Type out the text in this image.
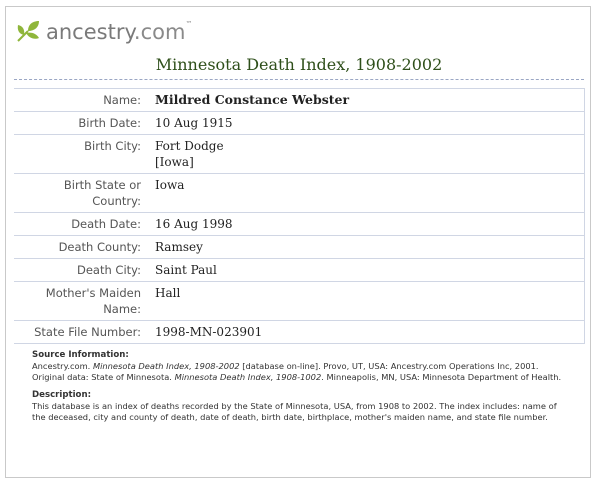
ancestry.com™
Minnesota Death Index, 1908-2002
Name:	Mildred Constance Webster
Birth Date:	10 Aug 1915
Birth City:	Fort Dodge
[Iowa]
Birth State or
Country:	Iowa
Death Date:	16 Aug 1998
Death County:	Ramsey
Death City:	Saint Paul
Mother's Maiden
Name:	Hall
State File Number:	1998-MN-023901
Source Information:
Ancestry.com. Minnesota Death Index, 1908-2002 [database on-line]. Provo, UT, USA: Ancestry.com Operations Inc, 2001. Original data: State of Minnesota. Minnesota Death Index, 1908-1002. Minneapolis, MN, USA: Minnesota Department of Health.
Description:
This database is an index of deaths recorded by the State of Minnesota, USA, from 1908 to 2002. The index includes: name of the deceased, city and county of death, date of death, birth date, birthplace, mother's maiden name, and state file number.
